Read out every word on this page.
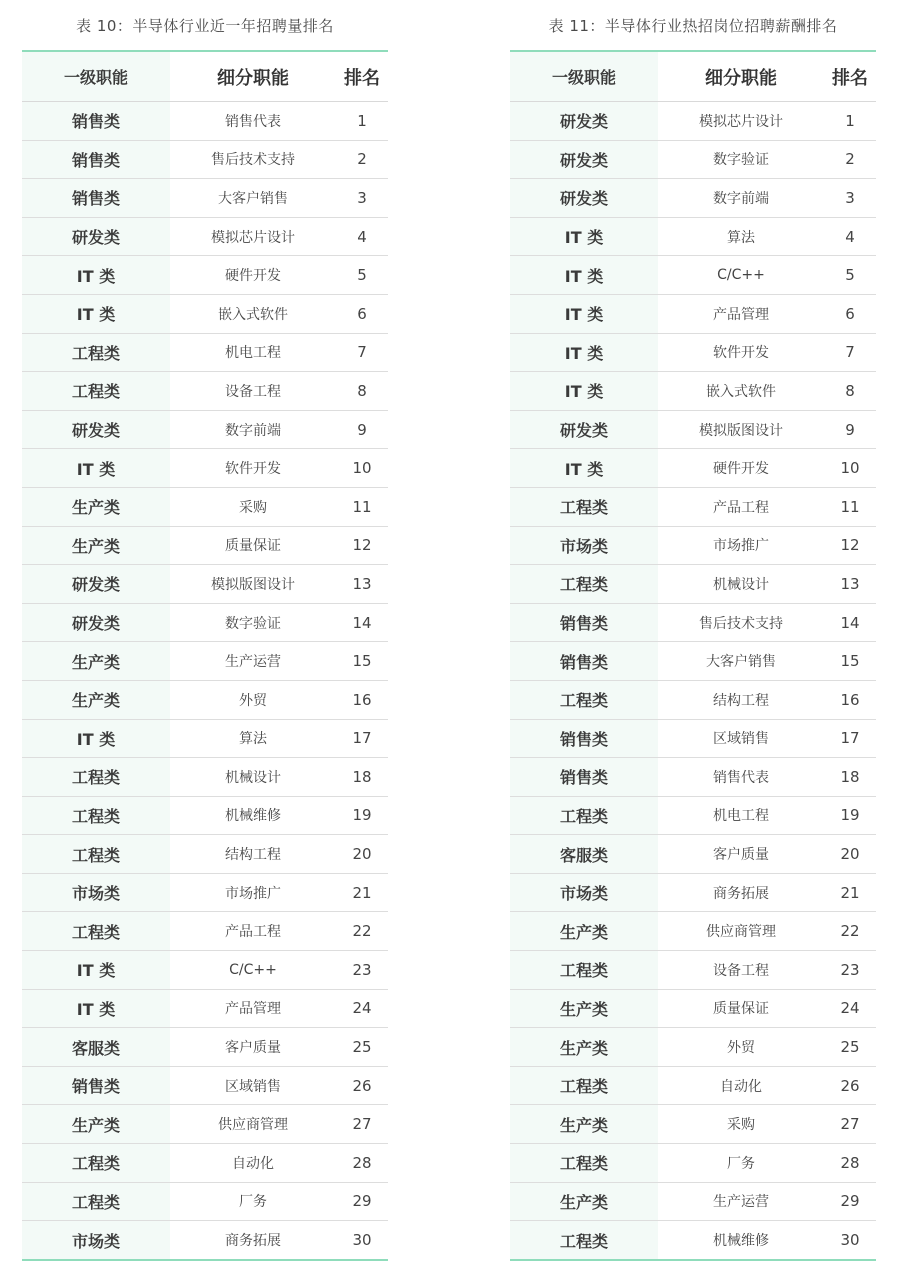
表 10：半导体行业近一年招聘量排名
一级职能	细分职能	排名
销售类	销售代表	1
销售类	售后技术支持	2
销售类	大客户销售	3
研发类	模拟芯片设计	4
IT 类	硬件开发	5
IT 类	嵌入式软件	6
工程类	机电工程	7
工程类	设备工程	8
研发类	数字前端	9
IT 类	软件开发	10
生产类	采购	11
生产类	质量保证	12
研发类	模拟版图设计	13
研发类	数字验证	14
生产类	生产运营	15
生产类	外贸	16
IT 类	算法	17
工程类	机械设计	18
工程类	机械维修	19
工程类	结构工程	20
市场类	市场推广	21
工程类	产品工程	22
IT 类	C/C++	23
IT 类	产品管理	24
客服类	客户质量	25
销售类	区域销售	26
生产类	供应商管理	27
工程类	自动化	28
工程类	厂务	29
市场类	商务拓展	30
表 11：半导体行业热招岗位招聘薪酬排名
一级职能	细分职能	排名
研发类	模拟芯片设计	1
研发类	数字验证	2
研发类	数字前端	3
IT 类	算法	4
IT 类	C/C++	5
IT 类	产品管理	6
IT 类	软件开发	7
IT 类	嵌入式软件	8
研发类	模拟版图设计	9
IT 类	硬件开发	10
工程类	产品工程	11
市场类	市场推广	12
工程类	机械设计	13
销售类	售后技术支持	14
销售类	大客户销售	15
工程类	结构工程	16
销售类	区域销售	17
销售类	销售代表	18
工程类	机电工程	19
客服类	客户质量	20
市场类	商务拓展	21
生产类	供应商管理	22
工程类	设备工程	23
生产类	质量保证	24
生产类	外贸	25
工程类	自动化	26
生产类	采购	27
工程类	厂务	28
生产类	生产运营	29
工程类	机械维修	30
